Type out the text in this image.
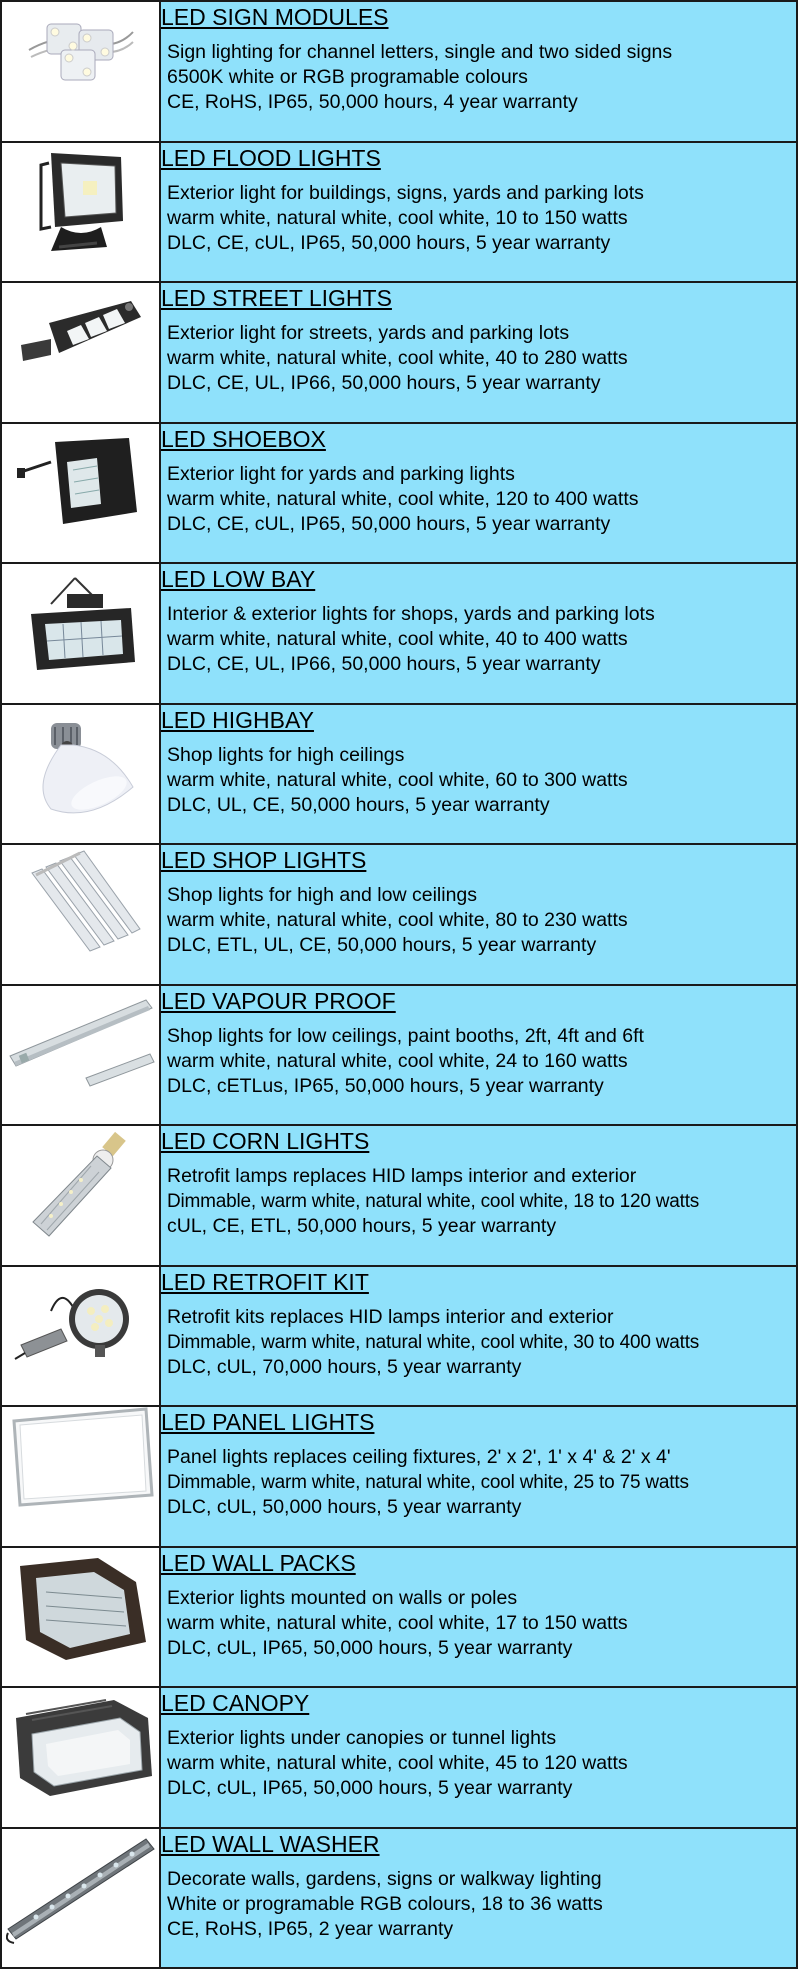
LED SIGN MODULES
Sign lighting for channel letters, single and two sided signs
6500K white or RGB programable colours
CE, RoHS, IP65, 50,000 hours, 4 year warranty

LED FLOOD LIGHTS
Exterior light for buildings, signs, yards and parking lots
warm white, natural white, cool white, 10 to 150 watts
DLC, CE, cUL, IP65, 50,000 hours, 5 year warranty

LED STREET LIGHTS
Exterior light for streets, yards and parking lots
warm white, natural white, cool white, 40 to 280 watts
DLC, CE, UL, IP66, 50,000 hours, 5 year warranty

LED SHOEBOX
Exterior light for yards and parking lights
warm white, natural white, cool white, 120 to 400 watts
DLC, CE, cUL, IP65, 50,000 hours, 5 year warranty

LED LOW BAY
Interior & exterior lights for shops, yards and parking lots
warm white, natural white, cool white, 40 to 400 watts
DLC, CE, UL, IP66, 50,000 hours, 5 year warranty

LED HIGHBAY
Shop lights for high ceilings
warm white, natural white, cool white, 60 to 300 watts
DLC, UL, CE, 50,000 hours, 5 year warranty

LED SHOP LIGHTS
Shop lights for high and low ceilings
warm white, natural white, cool white, 80 to 230 watts
DLC, ETL, UL, CE, 50,000 hours, 5 year warranty

LED VAPOUR PROOF
Shop lights for low ceilings, paint booths, 2ft, 4ft and 6ft
warm white, natural white, cool white, 24 to 160 watts
DLC, cETLus, IP65, 50,000 hours, 5 year warranty

LED CORN LIGHTS
Retrofit lamps replaces HID lamps interior and exterior
Dimmable, warm white, natural white, cool white, 18 to 120 watts
cUL, CE, ETL, 50,000 hours, 5 year warranty

LED RETROFIT KIT
Retrofit kits replaces HID lamps interior and exterior
Dimmable, warm white, natural white, cool white, 30 to 400 watts
DLC, cUL, 70,000 hours, 5 year warranty

LED PANEL LIGHTS
Panel lights replaces ceiling fixtures, 2' x 2', 1' x 4' & 2' x 4'
Dimmable, warm white, natural white, cool white, 25 to 75 watts
DLC, cUL, 50,000 hours, 5 year warranty

LED WALL PACKS
Exterior lights mounted on walls or poles
warm white, natural white, cool white, 17 to 150 watts
DLC, cUL, IP65, 50,000 hours, 5 year warranty

LED CANOPY
Exterior lights under canopies or tunnel lights
warm white, natural white, cool white, 45 to 120 watts
DLC, cUL, IP65, 50,000 hours, 5 year warranty

LED WALL WASHER
Decorate walls, gardens, signs or walkway lighting
White or programable RGB colours, 18 to 36 watts
CE, RoHS, IP65, 2 year warranty
